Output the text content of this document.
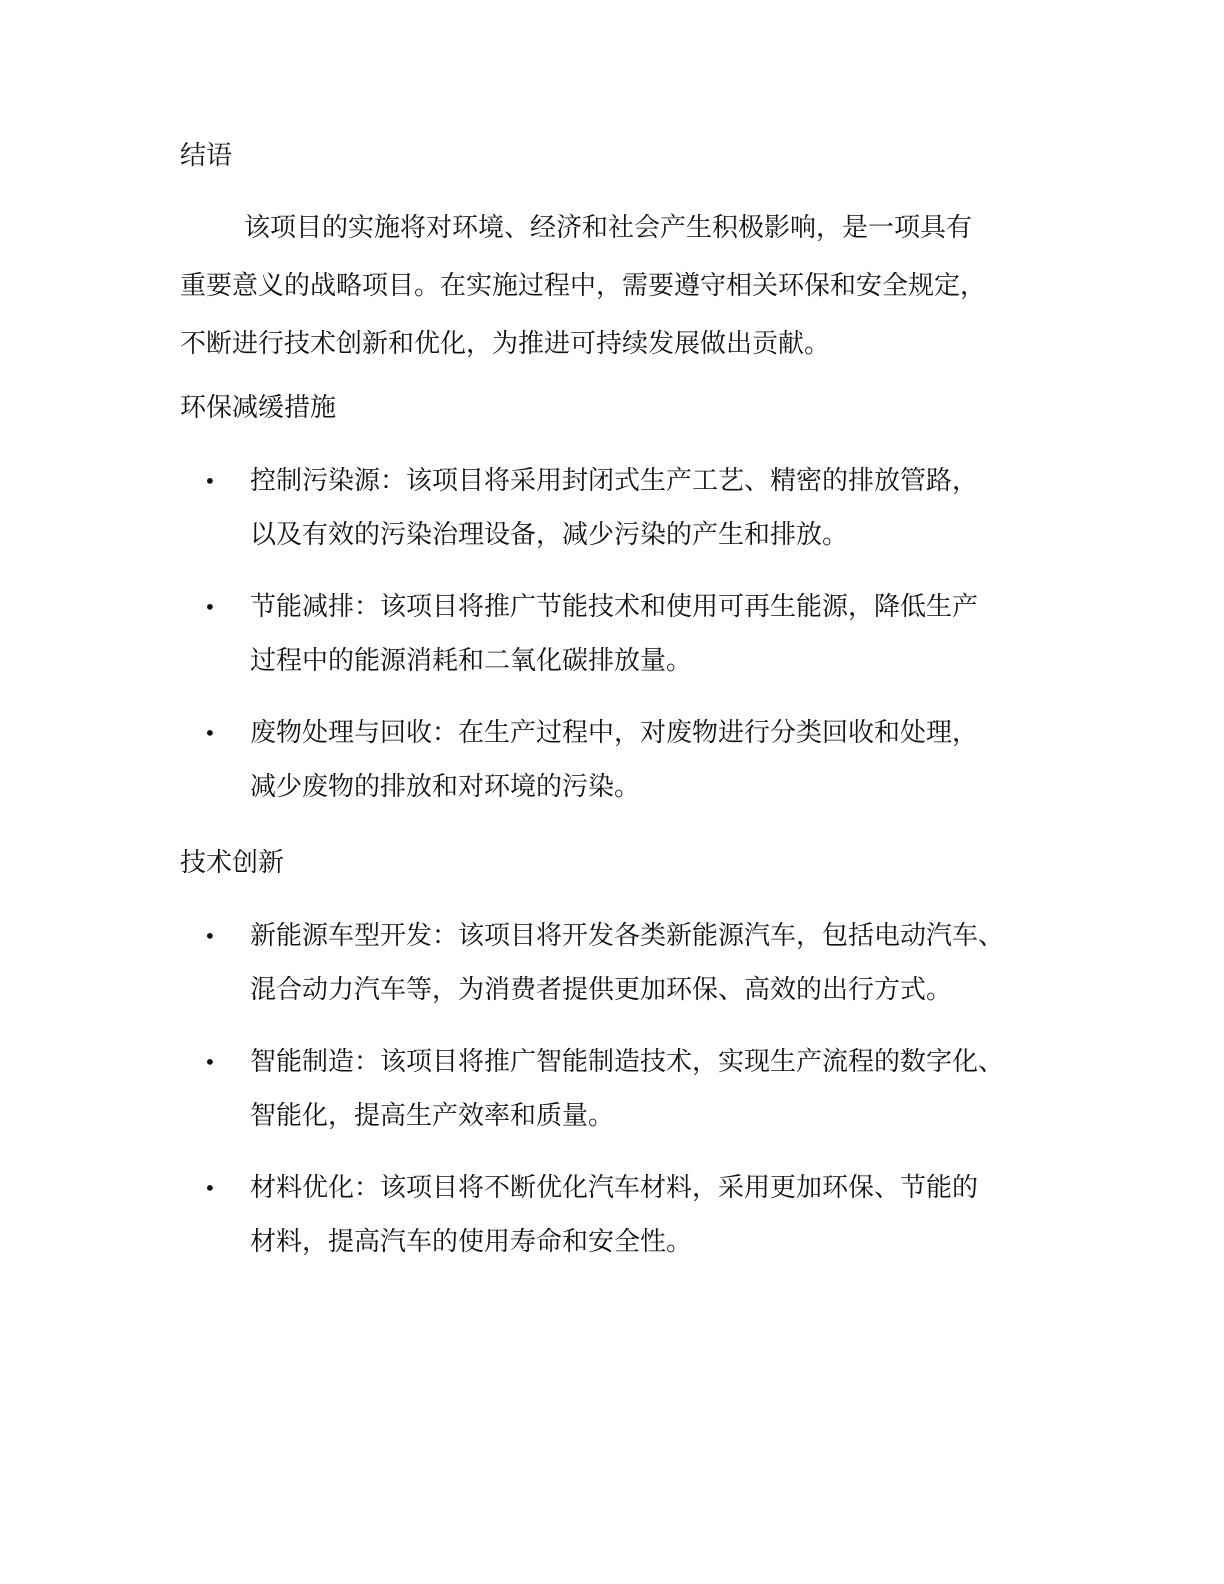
结语
该项目的实施将对环境、经济和社会产生积极影响，是一项具有
重要意义的战略项目。在实施过程中，需要遵守相关环保和安全规定，
不断进行技术创新和优化，为推进可持续发展做出贡献。
环保减缓措施
• 控制污染源：该项目将采用封闭式生产工艺、精密的排放管路，
以及有效的污染治理设备，减少污染的产生和排放。
• 节能减排：该项目将推广节能技术和使用可再生能源，降低生产
过程中的能源消耗和二氧化碳排放量。
• 废物处理与回收：在生产过程中，对废物进行分类回收和处理，
减少废物的排放和对环境的污染。
技术创新
• 新能源车型开发：该项目将开发各类新能源汽车，包括电动汽车、
混合动力汽车等，为消费者提供更加环保、高效的出行方式。
• 智能制造：该项目将推广智能制造技术，实现生产流程的数字化、
智能化，提高生产效率和质量。
• 材料优化：该项目将不断优化汽车材料，采用更加环保、节能的
材料，提高汽车的使用寿命和安全性。
